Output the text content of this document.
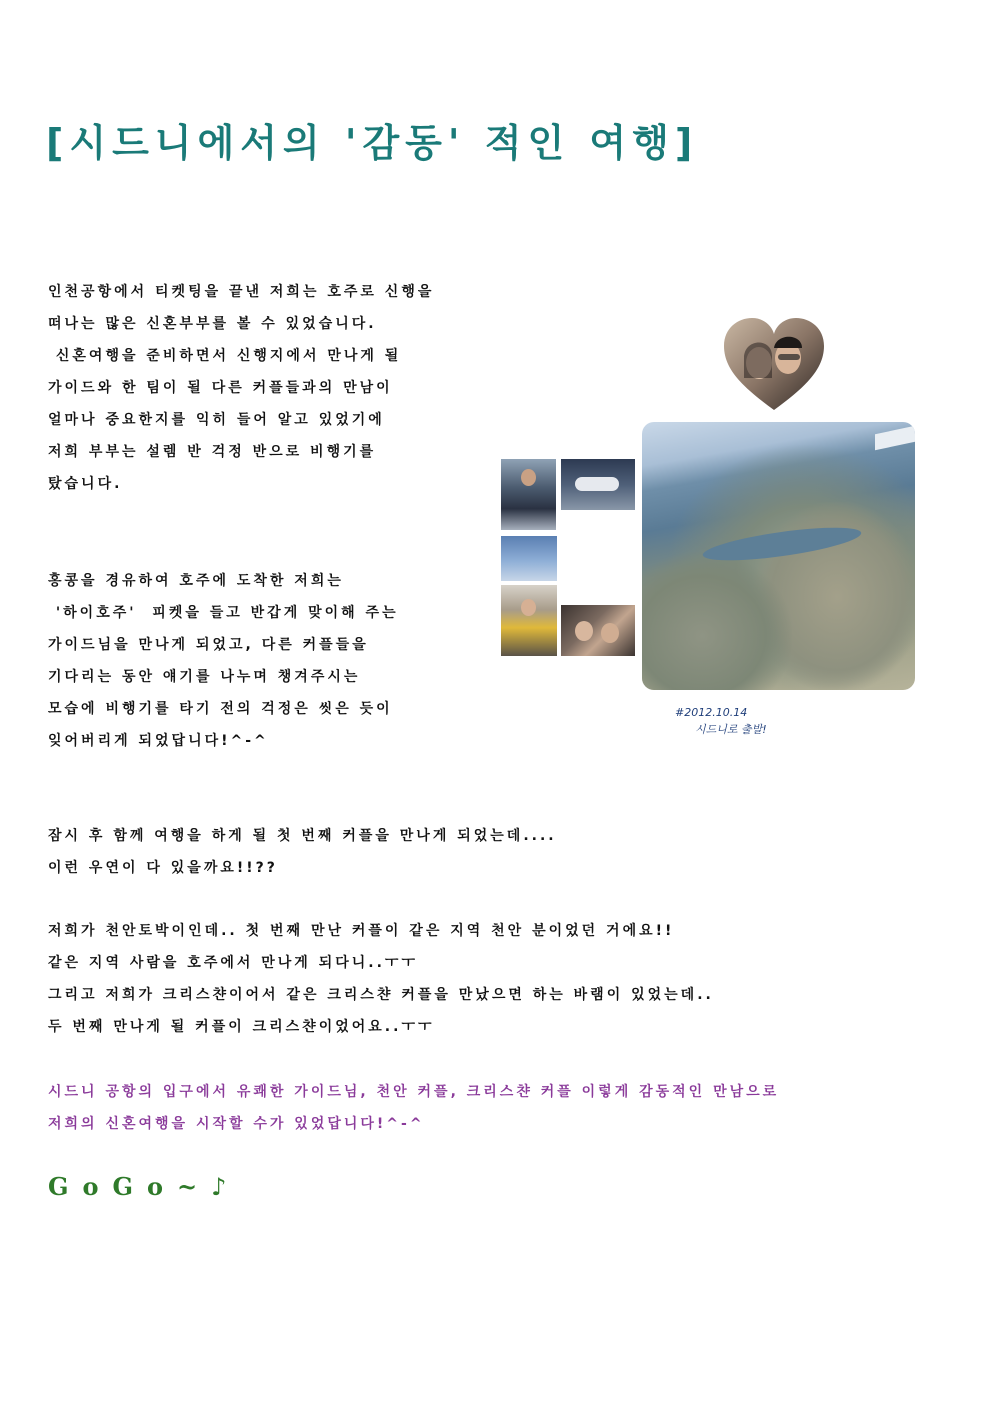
[시드니에서의 '감동' 적인 여행]
인천공항에서 티켓팅을 끝낸 저희는 호주로 신행을
떠나는 많은 신혼부부를 볼 수 있었습니다.
신혼여행을 준비하면서 신행지에서 만나게 될
가이드와 한 팀이 될 다른 커플들과의 만남이
얼마나 중요한지를 익히 들어 알고 있었기에
저희 부부는 설렘 반 걱정 반으로 비행기를
탔습니다.
홍콩을 경유하여 호주에 도착한 저희는
'하이호주'  피켓을 들고 반갑게 맞이해 주는
가이드님을 만나게 되었고, 다른 커플들을
기다리는 동안 얘기를 나누며 챙겨주시는
모습에 비행기를 타기 전의 걱정은 씻은 듯이
잊어버리게 되었답니다!^-^
잠시 후 함께 여행을 하게 될 첫 번째 커플을 만나게 되었는데....
이런 우연이 다 있을까요!!??
저희가 천안토박이인데.. 첫 번째 만난 커플이 같은 지역 천안 분이었던 거에요!!
같은 지역 사람을 호주에서 만나게 되다니..ㅜㅜ
그리고 저희가 크리스챤이어서 같은 크리스챤 커플을 만났으면 하는 바램이 있었는데..
두 번째 만나게 될 커플이 크리스챤이었어요..ㅜㅜ
시드니 공항의 입구에서 유쾌한 가이드님, 천안 커플, 크리스챤 커플 이렇게 감동적인 만남으로
저희의 신혼여행을 시작할 수가 있었답니다!^-^
GoGo~♪
#2012.10.14
시드니로 출발!
